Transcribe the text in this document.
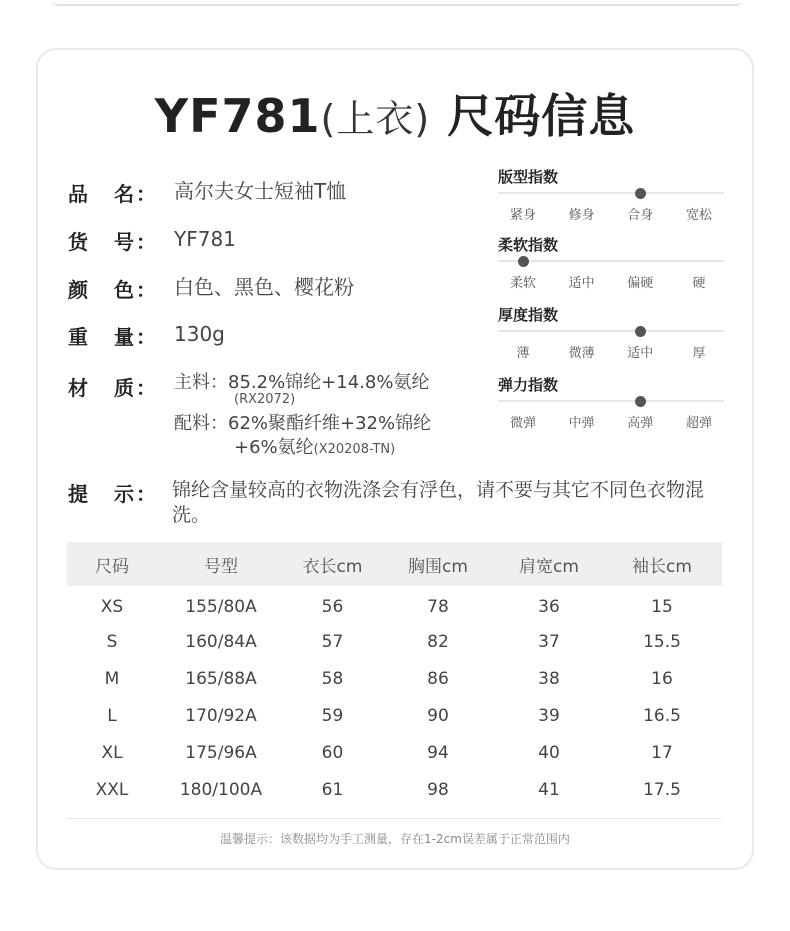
YF781(上衣) 尺码信息
品	名 ： 高尔夫女士短袖T恤
货	号 ： YF781
颜	色 ： 白色、黑色、樱花粉
重	量 ： 130g
材	质 ： 主料：85.2%锦纶+14.8%氨纶
(RX2072)
配料：62%聚酯纤维+32%锦纶
+6%氨纶(X20208-TN)
版型指数
紧身	修身	合身	宽松
柔软指数
柔软	适中	偏硬	硬
厚度指数
薄	微薄	适中	厚
弹力指数
微弹	中弹	高弹	超弹
提	示 ： 锦纶含量较高的衣物洗涤会有浮色，请不要与其它不同色衣物混洗。
尺码	号型	衣长cm	胸围cm	肩宽cm	袖长cm
XS	155/80A	56	78	36	15
S	160/84A	57	82	37	15.5
M	165/88A	58	86	38	16
L	170/92A	59	90	39	16.5
XL	175/96A	60	94	40	17
XXL	180/100A	61	98	41	17.5
温馨提示：该数据均为手工测量，存在1-2cm误差属于正常范围内
